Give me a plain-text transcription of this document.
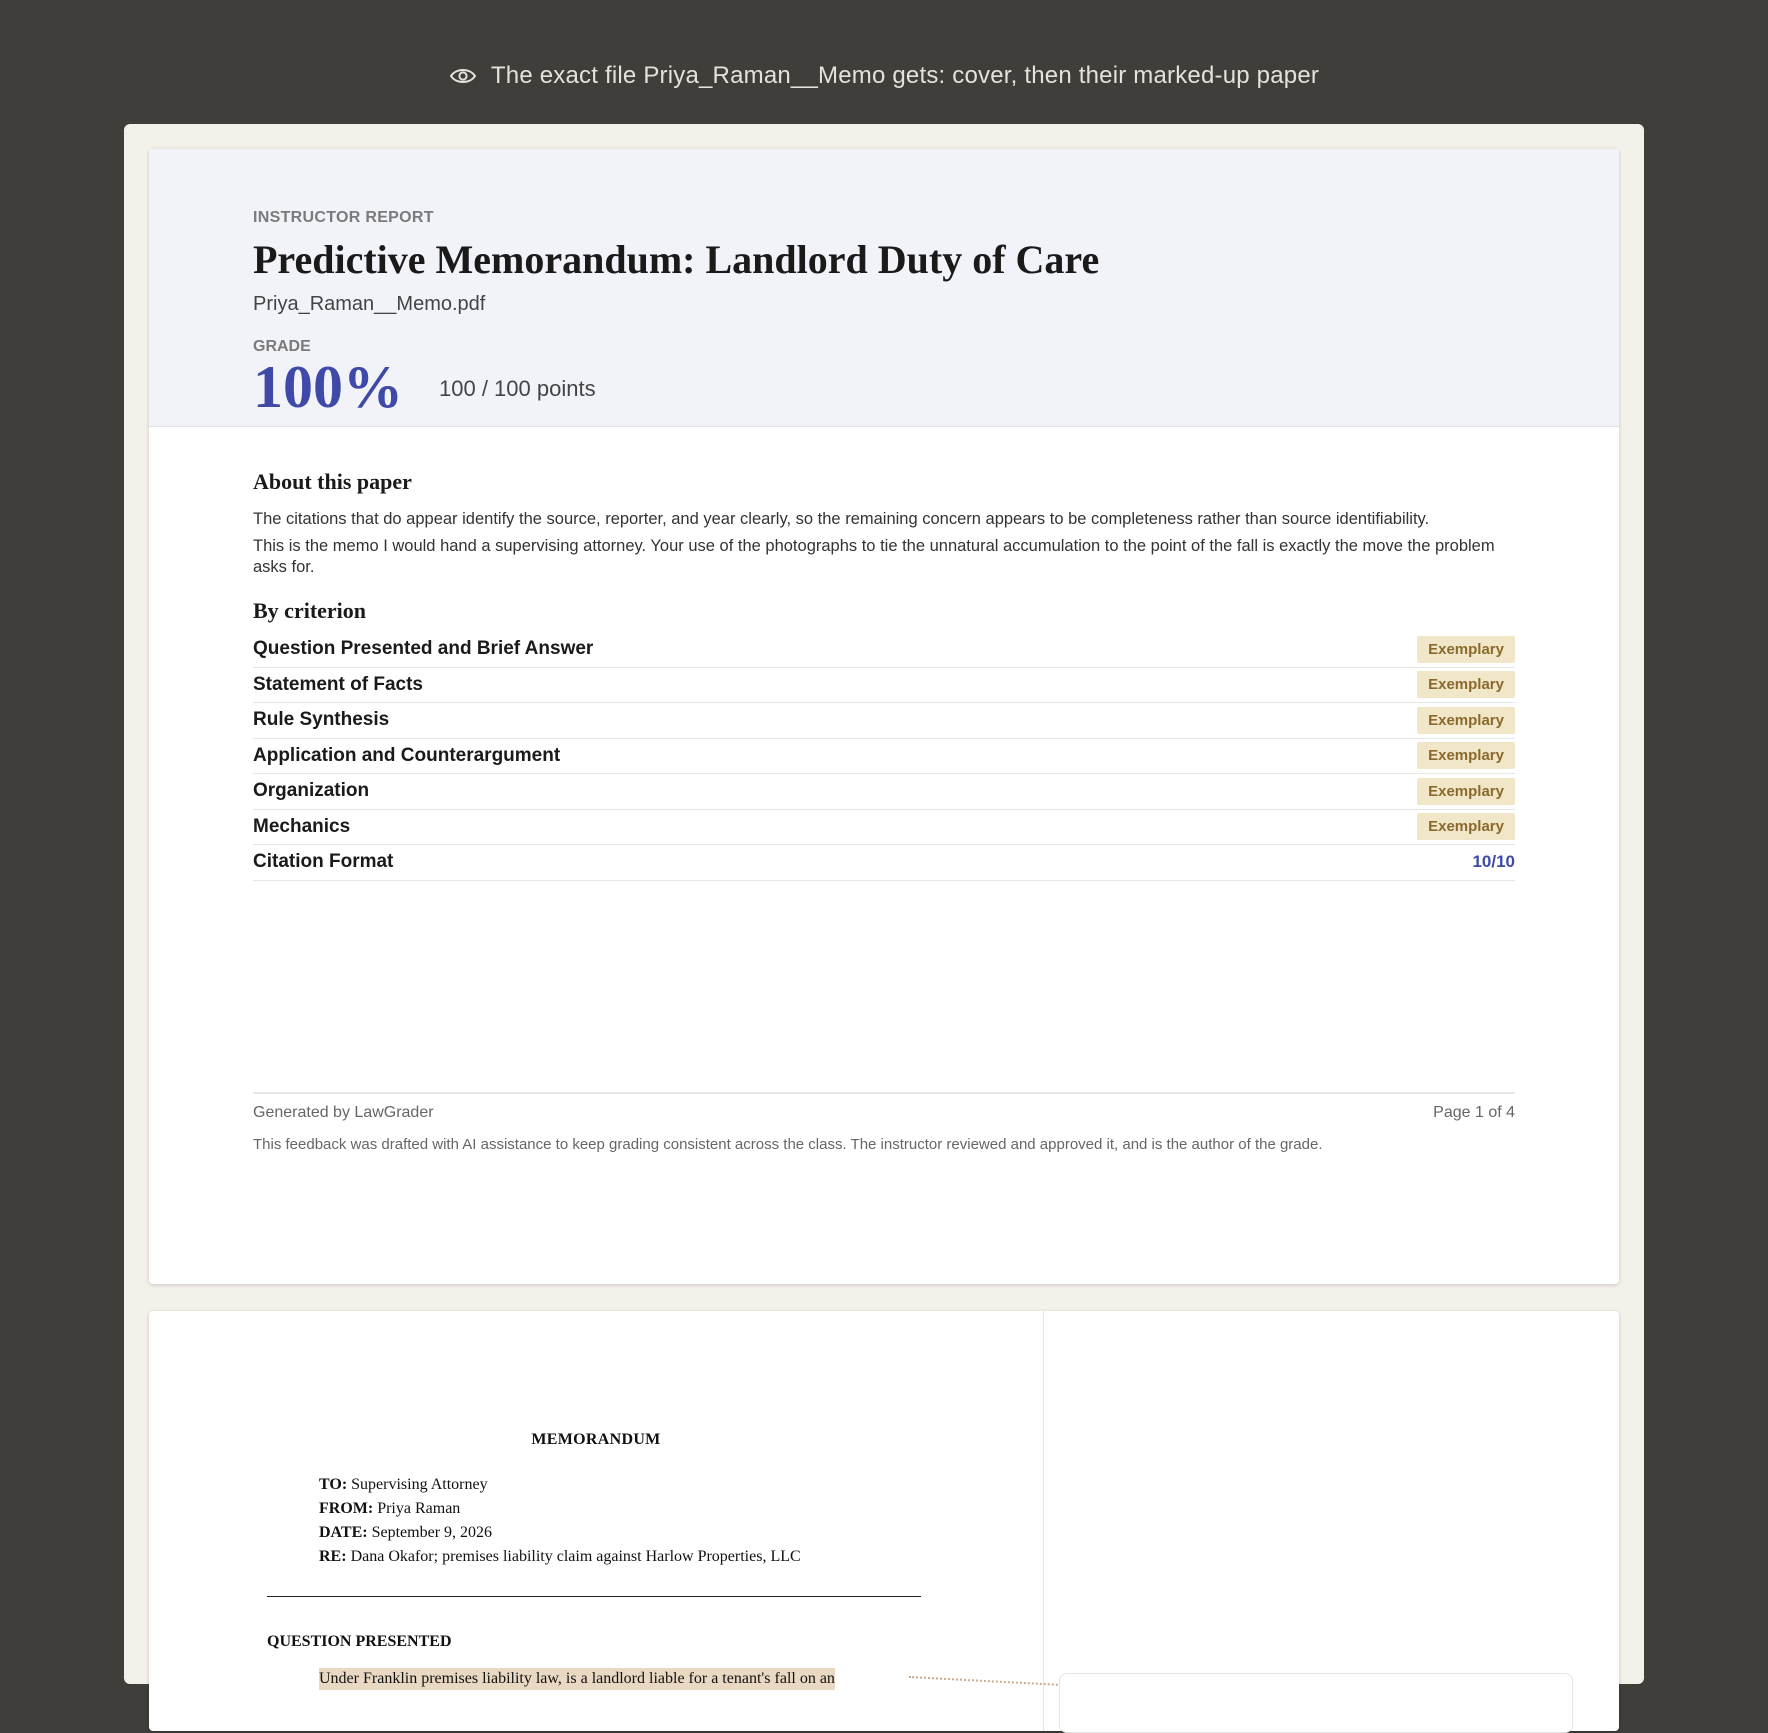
The exact file Priya_Raman__Memo gets: cover, then their marked-up paper
INSTRUCTOR REPORT
Predictive Memorandum: Landlord Duty of Care
Priya_Raman__Memo.pdf
GRADE
100% 100 / 100 points
About this paper

The citations that do appear identify the source, reporter, and year clearly, so the remaining concern appears to be completeness rather than source identifiability.

This is the memo I would hand a supervising attorney. Your use of the photographs to tie the unnatural accumulation to the point of the fall is exactly the move the problem asks for.

By criterion
Question Presented and Brief Answer	Exemplary
Statement of Facts	Exemplary
Rule Synthesis	Exemplary
Application and Counterargument	Exemplary
Organization	Exemplary
Mechanics	Exemplary
Citation Format	10/10
Generated by LawGrader	Page 1 of 4
This feedback was drafted with AI assistance to keep grading consistent across the class. The instructor reviewed and approved it, and is the author of the grade.
MEMORANDUM
TO: Supervising Attorney
FROM: Priya Raman
DATE: September 9, 2026
RE: Dana Okafor; premises liability claim against Harlow Properties, LLC
QUESTION PRESENTED
Under Franklin premises liability law, is a landlord liable for a tenant's fall on an
